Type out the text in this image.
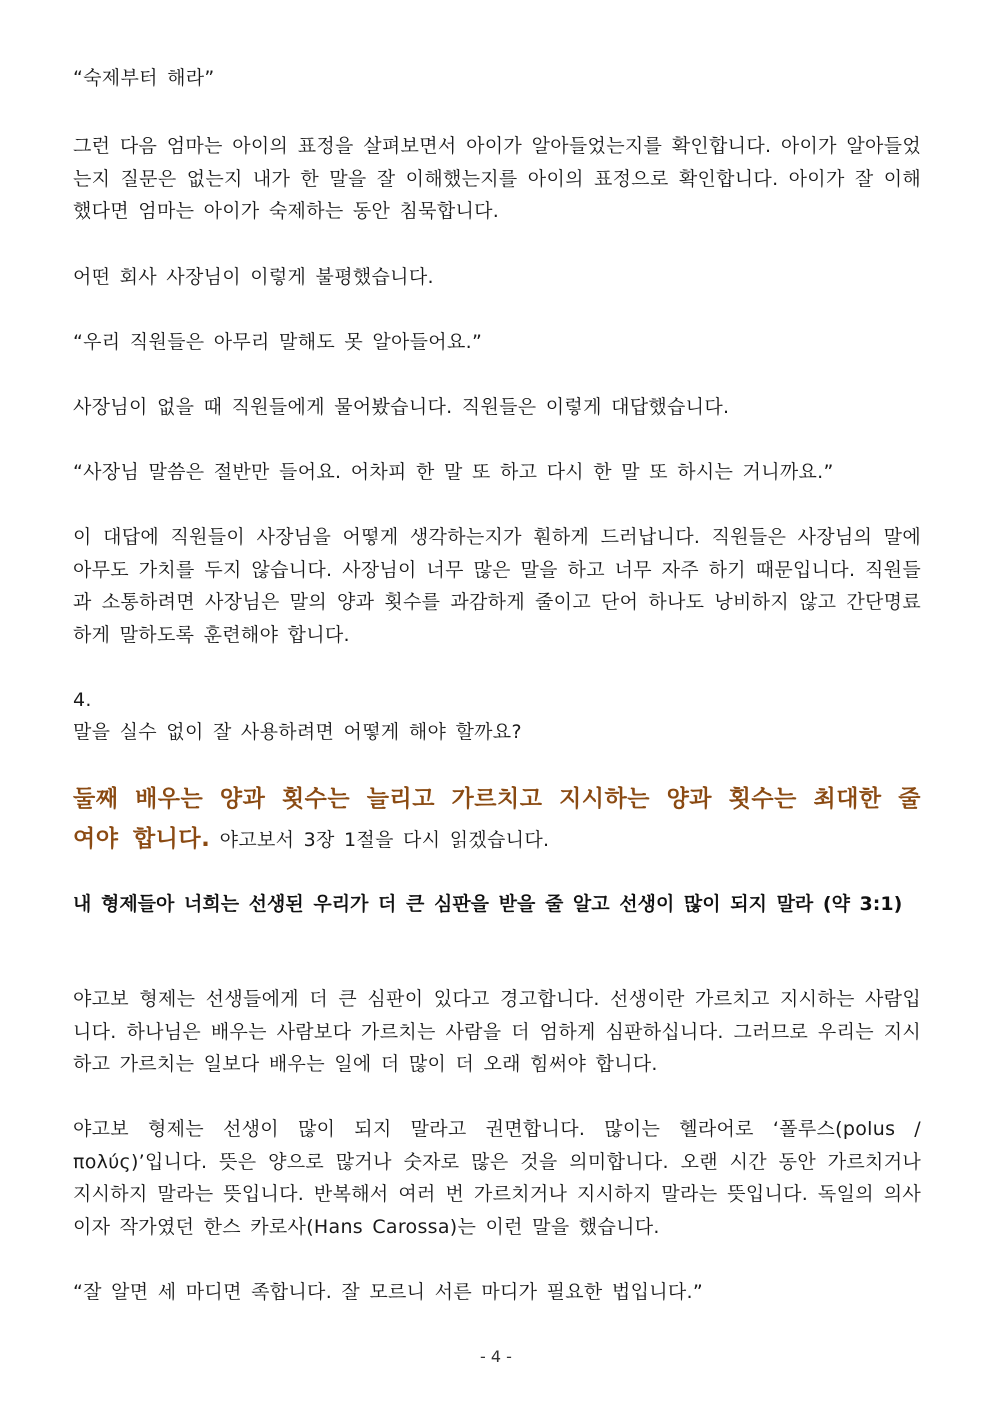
“숙제부터 해라”

그런 다음 엄마는 아이의 표정을 살펴보면서 아이가 알아들었는지를 확인합니다. 아이가 알아들었는지 질문은 없는지 내가 한 말을 잘 이해했는지를 아이의 표정으로 확인합니다. 아이가 잘 이해했다면 엄마는 아이가 숙제하는 동안 침묵합니다.

어떤 회사 사장님이 이렇게 불평했습니다.

“우리 직원들은 아무리 말해도 못 알아들어요.”

사장님이 없을 때 직원들에게 물어봤습니다. 직원들은 이렇게 대답했습니다.

“사장님 말씀은 절반만 들어요. 어차피 한 말 또 하고 다시 한 말 또 하시는 거니까요.”

이 대답에 직원들이 사장님을 어떻게 생각하는지가 훤하게 드러납니다. 직원들은 사장님의 말에 아무도 가치를 두지 않습니다. 사장님이 너무 많은 말을 하고 너무 자주 하기 때문입니다. 직원들과 소통하려면 사장님은 말의 양과 횟수를 과감하게 줄이고 단어 하나도 낭비하지 않고 간단명료하게 말하도록 훈련해야 합니다.

4.

말을 실수 없이 잘 사용하려면 어떻게 해야 할까요?

둘째 배우는 양과 횟수는 늘리고 가르치고 지시하는 양과 횟수는 최대한 줄여야 합니다. 야고보서 3장 1절을 다시 읽겠습니다.

내 형제들아 너희는 선생된 우리가 더 큰 심판을 받을 줄 알고 선생이 많이 되지 말라 (약 3:1)

야고보 형제는 선생들에게 더 큰 심판이 있다고 경고합니다. 선생이란 가르치고 지시하는 사람입니다. 하나님은 배우는 사람보다 가르치는 사람을 더 엄하게 심판하십니다. 그러므로 우리는 지시하고 가르치는 일보다 배우는 일에 더 많이 더 오래 힘써야 합니다.

야고보 형제는 선생이 많이 되지 말라고 권면합니다. 많이는 헬라어로 ‘폴루스(polus / πολύς)’입니다. 뜻은 양으로 많거나 숫자로 많은 것을 의미합니다. 오랜 시간 동안 가르치거나 지시하지 말라는 뜻입니다. 반복해서 여러 번 가르치거나 지시하지 말라는 뜻입니다. 독일의 의사이자 작가였던 한스 카로사(Hans Carossa)는 이런 말을 했습니다.

“잘 알면 세 마디면 족합니다. 잘 모르니 서른 마디가 필요한 법입니다.”

- 4 -
